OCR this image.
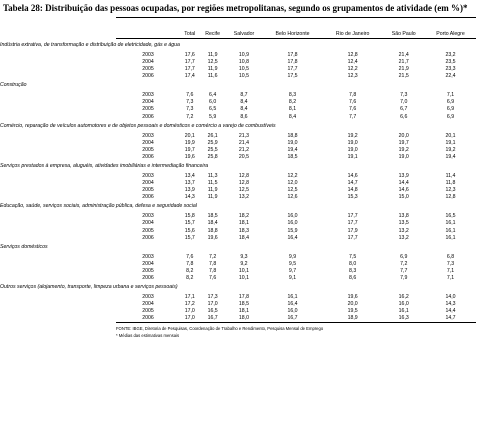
Tabela 28: Distribuição das pessoas ocupadas, por regiões metropolitanas, segundo os grupamentos de atividade (em %)*
	Total	Recife	Salvador	Belo Horizonte	Rio de Janeiro	São Paulo	Porto Alegre

Indústria extrativa, de transformação e distribuição de eletricidade, gás e água							

2003	17,6	11,9	10,9	17,8	12,8	21,4	23,2
2004	17,7	12,5	10,8	17,8	12,4	21,7	23,5
2005	17,7	11,9	10,5	17,7	12,2	21,9	23,3
2006	17,4	11,6	10,5	17,5	12,3	21,5	22,4

Construção							

2003	7,6	6,4	8,7	8,3	7,8	7,3	7,1
2004	7,3	6,0	8,4	8,2	7,6	7,0	6,9
2005	7,3	6,5	8,4	8,1	7,6	6,7	6,9
2006	7,2	5,9	8,6	8,4	7,7	6,6	6,9

Comércio, reparação de veículos automotores e de objetos pessoais e domésticos e comércio a varejo de combustíveis							

2003	20,1	26,1	21,3	18,8	19,2	20,0	20,1
2004	19,9	25,9	21,4	19,0	19,0	19,7	19,1
2005	19,7	25,5	21,2	19,4	19,0	19,2	19,2
2006	19,6	25,8	20,5	18,5	19,1	19,0	19,4

Serviços prestados à empresa, aluguéis, atividades imobiliárias e intermediação financeira							

2003	13,4	11,3	12,8	12,2	14,6	13,9	11,4
2004	13,7	11,5	12,8	12,0	14,7	14,4	11,8
2005	13,9	11,9	12,5	12,5	14,8	14,6	12,3
2006	14,3	11,9	13,2	12,6	15,3	15,0	12,8

Educação, saúde, serviços sociais, administração pública, defesa e seguridade social							

2003	15,8	18,5	18,2	16,0	17,7	13,8	16,5
2004	15,7	18,4	18,1	16,0	17,7	13,5	16,1
2005	15,6	18,8	18,3	15,9	17,9	13,2	16,1
2006	15,7	19,6	18,4	16,4	17,7	13,2	16,1

Serviços domésticos							

2003	7,6	7,2	9,3	9,9	7,5	6,9	6,8
2004	7,8	7,8	9,2	9,5	8,0	7,2	7,3
2005	8,2	7,8	10,1	9,7	8,3	7,7	7,1
2006	8,2	7,6	10,1	9,1	8,6	7,9	7,1

Outros serviços (alojamento, transporte, limpeza urbana e serviços pessoais)							

2003	17,1	17,3	17,8	16,1	19,6	16,2	14,0
2004	17,2	17,0	18,5	16,4	20,0	16,0	14,3
2005	17,0	16,5	18,1	16,0	19,5	16,1	14,4
2006	17,0	16,7	18,0	16,7	18,9	16,3	14,7
FONTE: IBGE, Diretoria de Pesquisas, Coordenação de Trabalho e Rendimento, Pesquisa Mensal de Emprego
* Médias das estimativas mensais
